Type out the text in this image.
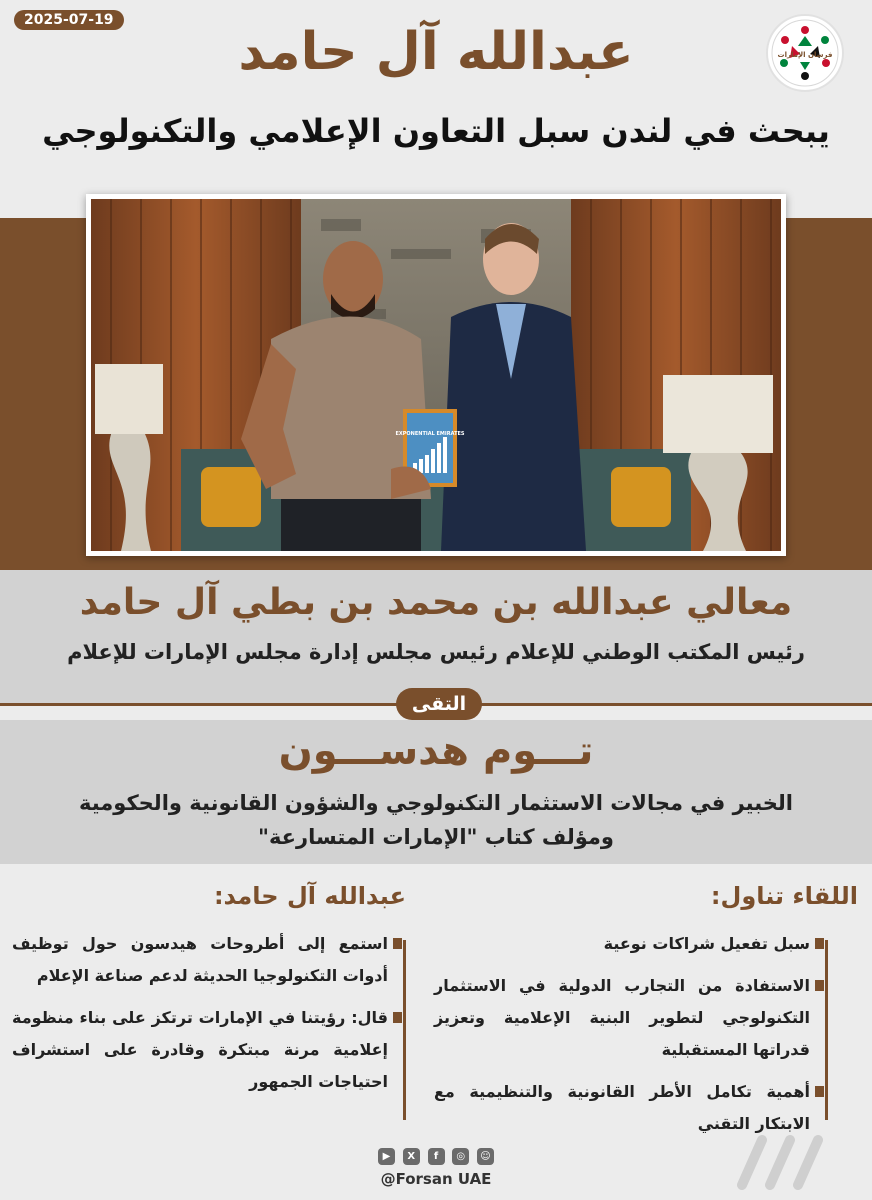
2025-07-19
فرسان الإمارات
عبدالله آل حامد
يبحث في لندن سبل التعاون الإعلامي والتكنولوجي
EXPONENTIAL EMIRATES
معالي عبدالله بن محمد بن بطي آل حامد
رئيس المكتب الوطني للإعلام رئيس مجلس إدارة مجلس الإمارات للإعلام
التقى
تـــوم هدســـون
الخبير في مجالات الاستثمار التكنولوجي والشؤون القانونية والحكومية
ومؤلف كتاب "الإمارات المتسارعة"
اللقاء تناول:
سبل تفعيل شراكات نوعية
الاستفادة من التجارب الدولية في الاستثمار التكنولوجي لتطوير البنية الإعلامية وتعزيز قدراتها المستقبلية
أهمية تكامل الأطر القانونية والتنظيمية مع الابتكار التقني
عبدالله آل حامد:
استمع إلى أطروحات هيدسون حول توظيف أدوات التكنولوجيا الحديثة لدعم صناعة الإعلام
قال: رؤيتنا في الإمارات ترتكز على بناء منظومة إعلامية مرنة مبتكرة وقادرة على استشراف احتياجات الجمهور
▶	X	f	◎	☺
@Forsan UAE
